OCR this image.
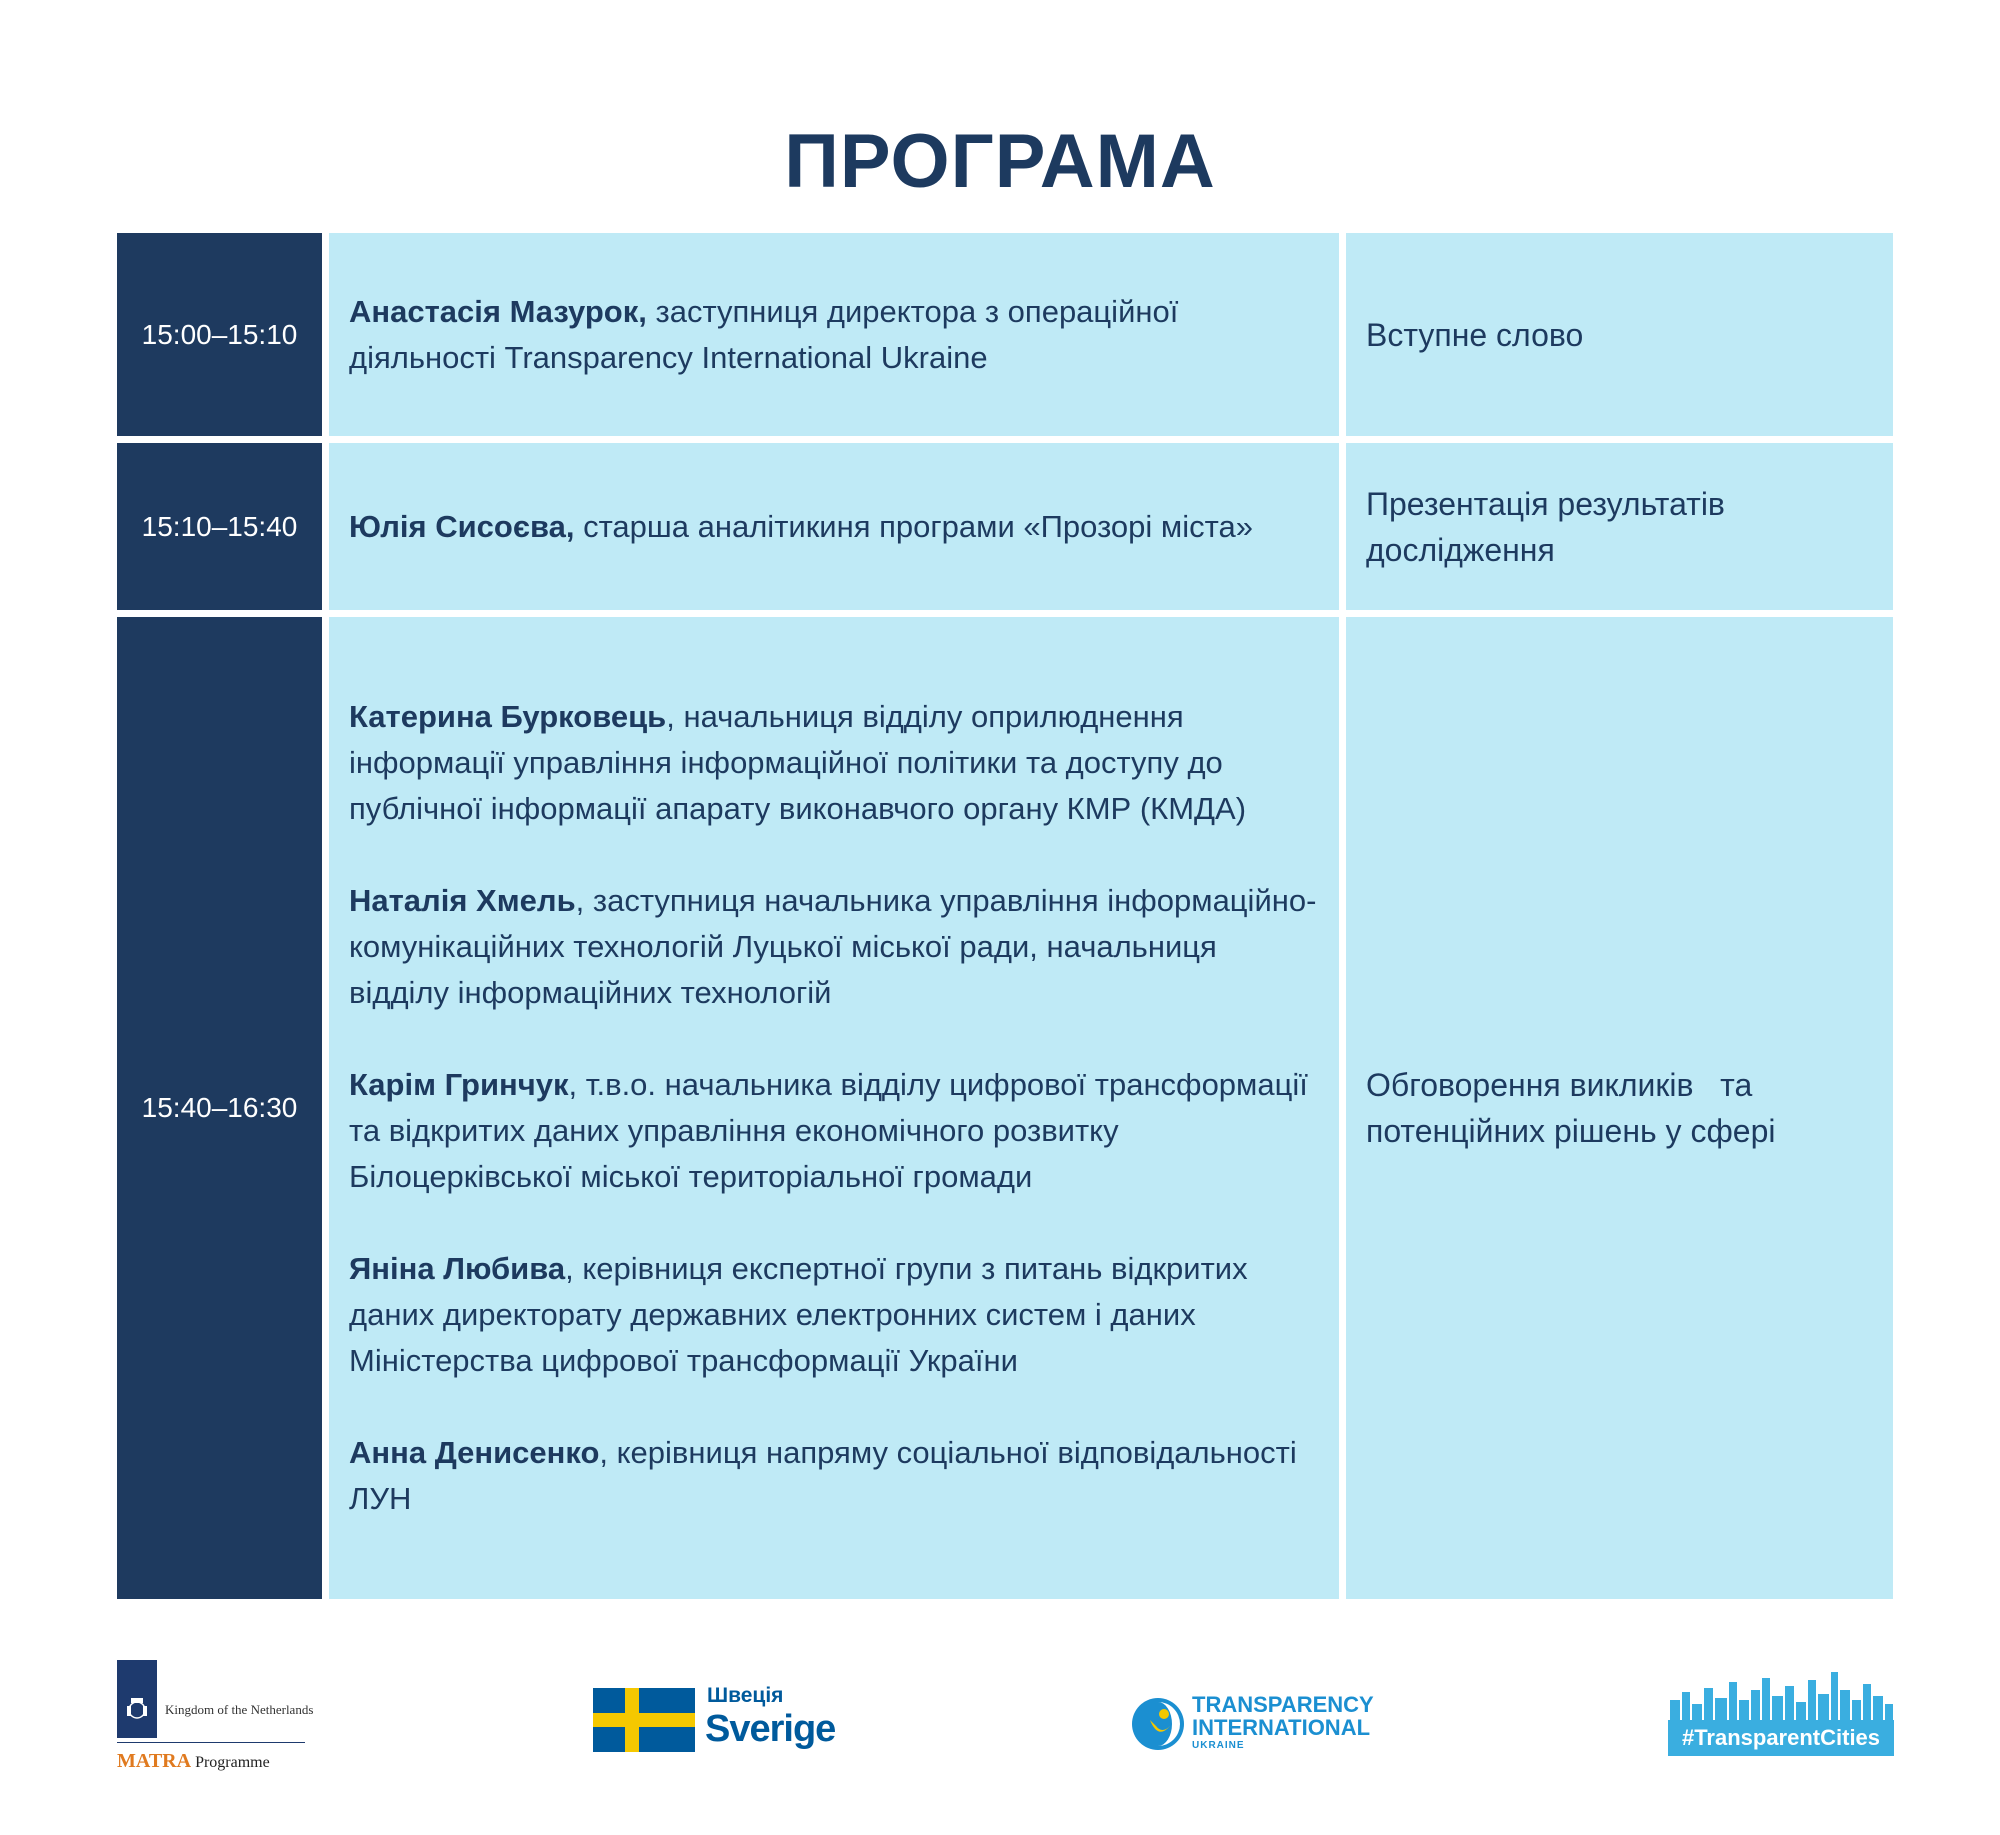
ПРОГРАМА
15:00–15:10

Анастасія Мазурок, заступниця директора з операційної діяльності Transparency International Ukraine

Вступне слово
15:10–15:40	Юлія Сисоєва, старша аналітикиня програми «Прозорі міста»

Презентація результатів дослідження
15:40–16:30

Катерина Бурковець, начальниця відділу оприлюднення інформації управління інформаційної політики та доступу до публічної інформації апарату виконавчого органу КМР (КМДА)

Наталія Хмель, заступниця начальника управління інформаційно-комунікаційних технологій Луцької міської ради, начальниця відділу інформаційних технологій

Карім Гринчук, т.в.о. начальника відділу цифрової трансформації та відкритих даних управління економічного розвитку Білоцерківської міської територіальної громади

Яніна Любива, керівниця експертної групи з питань відкритих даних директорату державних електронних систем і даних Міністерства цифрової трансформації України

Анна Денисенко, керівниця напряму соціальної відповідальності ЛУН

Обговорення викликів   та потенційних рішень у сфері
Kingdom of the Netherlands
MATRA Programme
Швеція
Sverige
TRANSPARENCY
INTERNATIONAL
UKRAINE	#TransparentCities
